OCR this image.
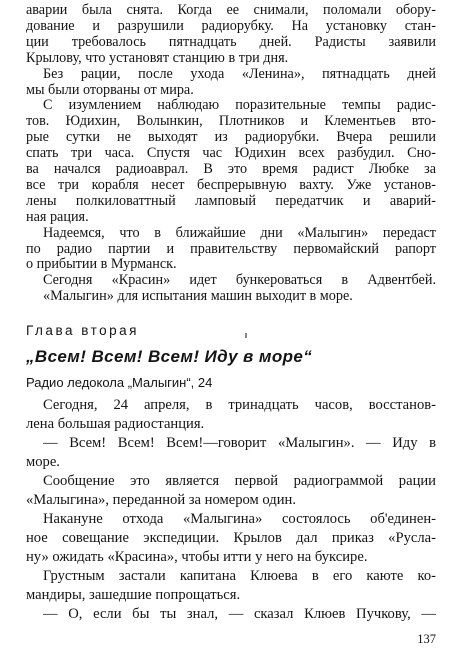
Глава вторая
„Всем! Всем! Всем! Иду в море“
Радио ледокола „Малыгин“, 24
Сегодня, 24 апреля, в тринадцать часов, восстанов-
лена большая радиостанция.
— Всем! Всем! Всем!—говорит «Малыгин». — Иду в
море.
Сообщение это является первой радиограммой рации
«Малыгина», переданной за номером один.
Накануне отхода «Малыгина» состоялось об'единен-
ное совещание экспедиции. Крылов дал приказ «Русла-
ну» ожидать «Красина», чтобы итти у него на буксире.
Грустным застали капитана Клюева в его каюте ко-
мандиры, зашедшие попрощаться.
— О, если бы ты знал, — сказал Клюев Пучкову, —
137
аварии была снята. Когда ее снимали, поломали обору-
дование и разрушили радиорубку. На установку стан-
ции требовалось пятнадцать дней. Радисты заявили
Крылову, что установят станцию в три дня.
Без рации, после ухода «Ленина», пятнадцать дней
мы были оторваны от мира.
С изумлением наблюдаю поразительные темпы радис-
тов. Юдихин, Волынкин, Плотников и Клементьев вто-
рые сутки не выходят из радиорубки. Вчера решили
спать три часа. Спустя час Юдихин всех разбудил. Сно-
ва начался радиоаврал. В это время радист Любке за
все три корабля несет беспрерывную вахту. Уже установ-
лены полкиловаттный ламповый передатчик и аварий-
ная рация.
Надеемся, что в ближайшие дни «Малыгин» передаст
по радио партии и правительству первомайский рапорт
о прибытии в Мурманск.
Сегодня «Красин» идет бункероваться в Адвентбей.
«Малыгин» для испытания машин выходит в море.
